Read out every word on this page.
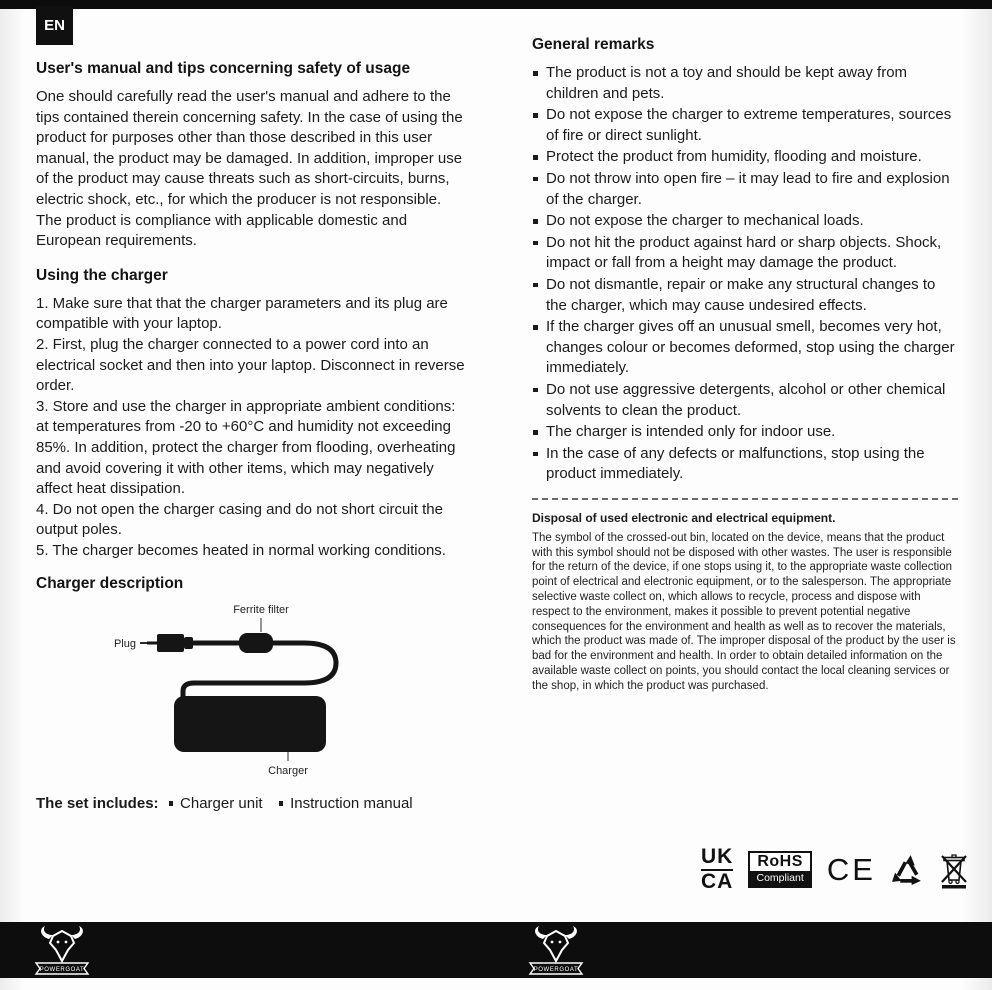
EN
User's manual and tips concerning safety of usage

One should carefully read the user's manual and adhere to the tips contained therein concerning safety. In the case of using the product for purposes other than those described in this user manual, the product may be damaged. In addition, improper use of the product may cause threats such as short-circuits, burns, electric shock, etc., for which the producer is not responsible. The product is compliance with applicable domestic and European requirements.

Using the charger

1. Make sure that that the charger parameters and its plug are compatible with your laptop.

2. First, plug the charger connected to a power cord into an electrical socket and then into your laptop. Disconnect in reverse order.

3. Store and use the charger in appropriate ambient conditions: at temperatures from -20 to +60°C and humidity not exceeding 85%. In addition, protect the charger from flooding, overheating and avoid covering it with other items, which may negatively affect heat dissipation.

4. Do not open the charger casing and do not short circuit the output poles.

5. The charger becomes heated in normal working conditions.

Charger description
Ferrite filter
Plug
Charger
The set includes:	Charger unit	Instruction manual
General remarks
The product is not a toy and should be kept away from children and pets.
Do not expose the charger to extreme temperatures, sources of fire or direct sunlight.
Protect the product from humidity, flooding and moisture.
Do not throw into open fire – it may lead to fire and explosion of the charger.
Do not expose the charger to mechanical loads.
Do not hit the product against hard or sharp objects. Shock, impact or fall from a height may damage the product.
Do not dismantle, repair or make any structural changes to the charger, which may cause undesired effects.
If the charger gives off an unusual smell, becomes very hot, changes colour or becomes deformed, stop using the charger immediately.
Do not use aggressive detergents, alcohol or other chemical solvents to clean the product.
The charger is intended only for indoor use.
In the case of any defects or malfunctions, stop using the product immediately.

Disposal of used electronic and electrical equipment.

The symbol of the crossed-out bin, located on the device, means that the product with this symbol should not be disposed with other wastes. The user is responsible for the return of the device, if one stops using it, to the appropriate waste collection point of electrical and electronic equipment, or to the salesperson. The appropriate selective waste collect on, which allows to recycle, process and dispose with respect to the environment, makes it possible to prevent potential negative consequences for the environment and health as well as to recover the materials, which the product was made of. The improper disposal of the product by the user is bad for the environment and health. In order to obtain detailed information on the available waste collect on points, you should contact the local cleaning services or the shop, in which the product was purchased.

UK
CA
RoHS
Compliant CE
POWERGOAT	POWERGOAT
